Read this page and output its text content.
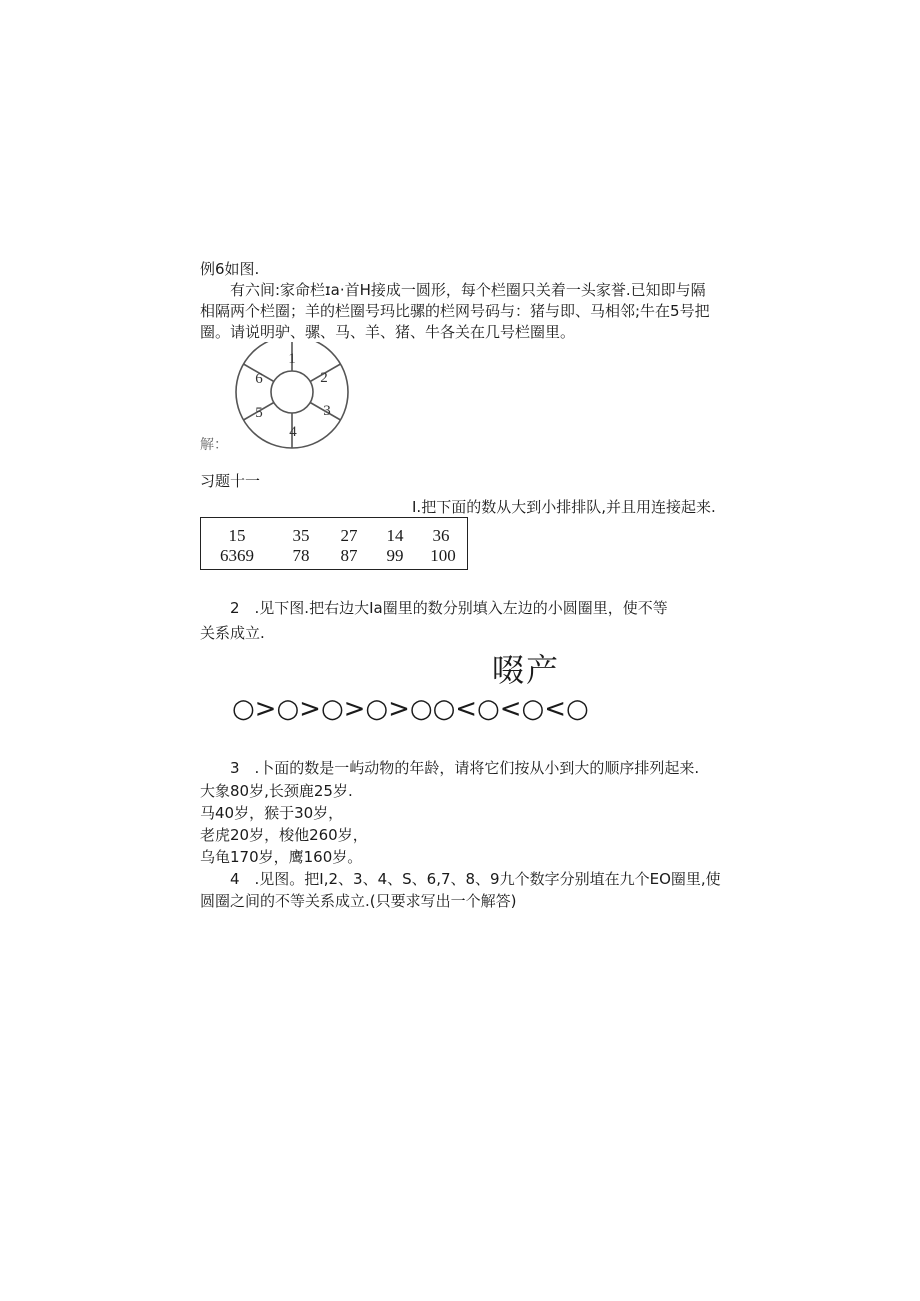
例6如图.
有六间:家命栏ɪa·首H接成一圆形，每个栏圈只关着一头家誉.已知即与隔
相隔两个栏圈；羊的栏圈号玛比骡的栏网号码与：猪与即、马相邻;牛在5号把
圈。请说明驴、骡、马、羊、猪、牛各关在几号栏圈里。
1
2
3
4
5
6
解：
习题十一
I.把下面的数从大到小排排队,并且用连接起来.
15	35	27	14	36
6369	78	87	99	100
2　.见下图.把右边大Ia圈里的数分别填入左边的小圆圈里，使不等
关系成立.
啜产
○>○>○>○>○○<○<○<○
3　.卜面的数是一屿动物的年龄，请将它们按从小到大的顺序排列起来.
大象80岁,长颈鹿25岁.
马40岁，猴于30岁，
老虎20岁，梭他260岁，
乌龟170岁，鹰160岁。
4　.见图。把I,2、3、4、S、6,7、8、9九个数字分别埴在九个EO圈里,使
圆圈之间的不等关系成立.(只要求写出一个解答)
